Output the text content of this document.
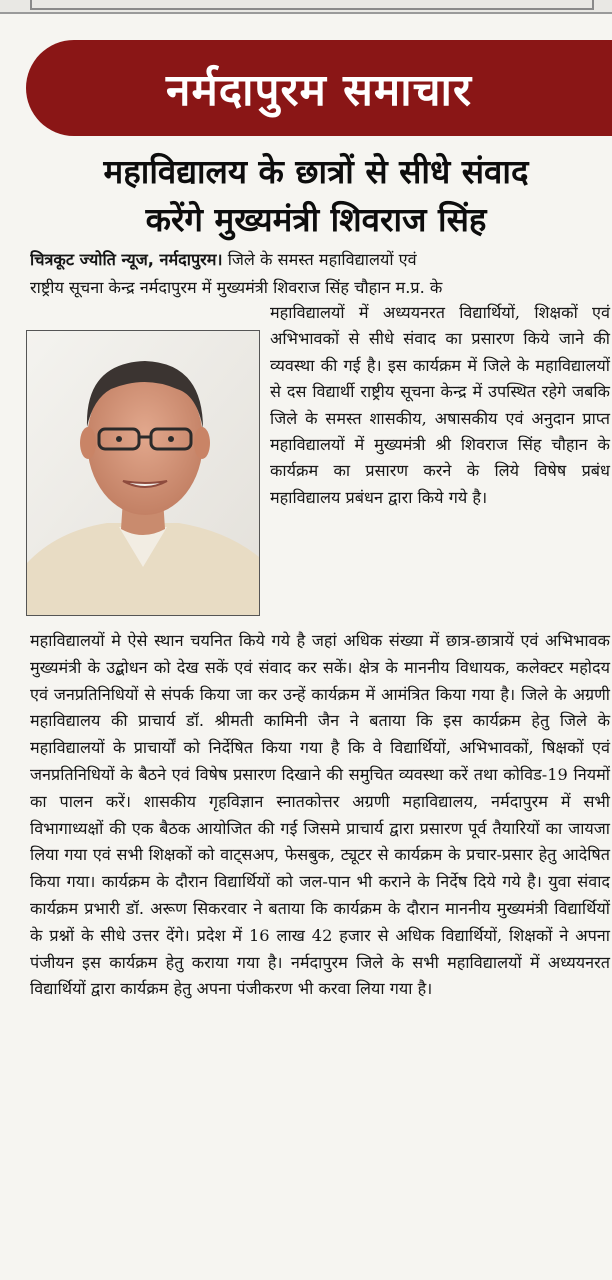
नर्मदापुरम समाचार
महाविद्यालय के छात्रों से सीधे संवाद
करेंगे मुख्यमंत्री शिवराज सिंह
चित्रकूट ज्योति न्यूज, नर्मदापुरम। जिले के समस्त महाविद्यालयों एवं
राष्ट्रीय सूचना केन्द्र नर्मदापुरम में मुख्यमंत्री शिवराज सिंह चौहान म.प्र. के
महाविद्यालयों में अध्ययनरत विद्यार्थियों, शिक्षकों एवं अभिभावकों से सीधे संवाद का प्रसारण किये जाने की व्यवस्था की गई है। इस कार्यक्रम में जिले के महाविद्यालयों से दस विद्यार्थी राष्ट्रीय सूचना केन्द्र में उपस्थित रहेगे जबकि जिले के समस्त शासकीय, अषासकीय एवं अनुदान प्राप्त महाविद्यालयों में मुख्यमंत्री श्री शिवराज सिंह चौहान के कार्यक्रम का प्रसारण करने के लिये विषेष प्रबंध महाविद्यालय प्रबंधन द्वारा किये गये है।
महाविद्यालयों मे ऐसे स्थान चयनित किये गये है जहां अधिक संख्या में छात्र-छात्रायें एवं अभिभावक मुख्यमंत्री के उद्बोधन को देख सकें एवं संवाद कर सकें। क्षेत्र के माननीय विधायक, कलेक्टर महोदय एवं जनप्रतिनिधियों से संपर्क किया जा कर उन्हें कार्यक्रम में आमंत्रित किया गया है। जिले के अग्रणी महाविद्यालय की प्राचार्य डॉ. श्रीमती कामिनी जैन ने बताया कि इस कार्यक्रम हेतु जिले के महाविद्यालयों के प्राचार्यों को निर्देषित किया गया है कि वे विद्यार्थियों, अभिभावकों, षिक्षकों एवं जनप्रतिनिधियों के बैठने एवं विषेष प्रसारण दिखाने की समुचित व्यवस्था करें तथा कोविड-19 नियमों का पालन करें। शासकीय गृहविज्ञान स्नातकोत्तर अग्रणी महाविद्यालय, नर्मदापुरम में सभी विभागाध्यक्षों की एक बैठक आयोजित की गई जिसमे प्राचार्य द्वारा प्रसारण पूर्व तैयारियों का जायजा लिया गया एवं सभी शिक्षकों को वाट्सअप, फेसबुक, ट्यूटर से कार्यक्रम के प्रचार-प्रसार हेतु आदेषित किया गया। कार्यक्रम के दौरान विद्यार्थियों को जल-पान भी कराने के निर्देष दिये गये है। युवा संवाद कार्यक्रम प्रभारी डॉ. अरूण सिकरवार ने बताया कि कार्यक्रम के दौरान माननीय मुख्यमंत्री विद्यार्थियों के प्रश्नों के सीधे उत्तर देंगे। प्रदेश में 16 लाख 42 हजार से अधिक विद्यार्थियों, शिक्षकों ने अपना पंजीयन इस कार्यक्रम हेतु कराया गया है। नर्मदापुरम जिले के सभी महाविद्यालयों में अध्ययनरत विद्यार्थियों द्वारा कार्यक्रम हेतु अपना पंजीकरण भी करवा लिया गया है।
